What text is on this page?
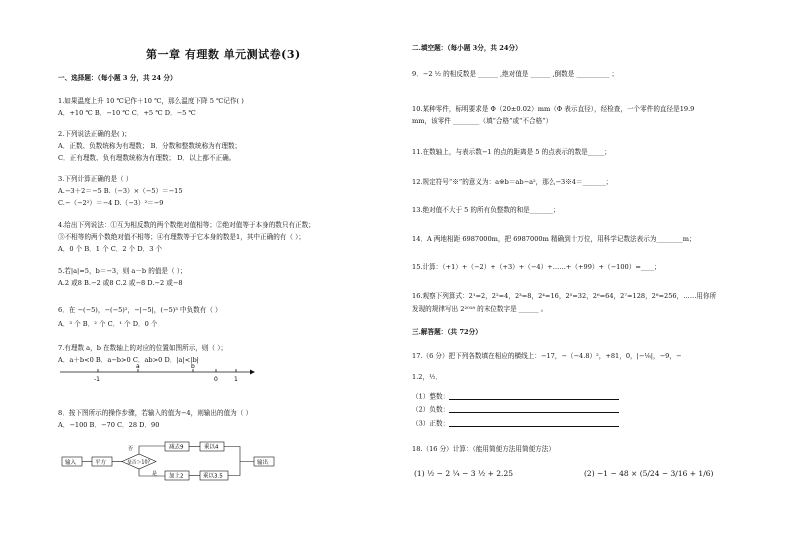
第一章 有理数 单元测试卷(3)
一、选择题：（每小题 3 分，共 24 分）
1.如果温度上升 10 ℃记作＋10 ℃，那么温度下降 5 ℃记作( )
A．+10 ℃ B．−10 ℃ C．+5 ℃ D．−5 ℃
2.下列说法正确的是( )；
A．正数、负数统称为有理数； B．分数和整数统称为有理数；
C．正有理数、负有理数统称为有理数； D．以上都不正确。
3.下列计算正确的是（ ）
A.−3＋2＝−5 B.（−3）×（−5）＝−15
C.−（−2²）＝−4 D.（−3）²＝−9
4.给出下列说法：①互为相反数的两个数绝对值相等；②绝对值等于本身的数只有正数；
③不相等的两个数绝对值不相等；④有理数等于它本身的数是1，其中正确的有（ ）；
A．0 个 B．1 个 C．2 个 D．3 个
5.若|a|=5，b＝−3，则 a－b 的值是（ ）；
A.2 或8 B.−2 或8 C.2 或−8 D.−2 或−8
6．在 −(−5)，−(−5)²，−|−5|，(−5)³ 中负数有（ ）
A．³ 个 B．² 个 C．¹ 个 D．0 个
7.有理数 a，b 在数轴上的对应的位置如图所示，则（ ）；
A．a＋b<0 B．a−b>0 C．ab>0 D．|a|<|b|
a	b
-1	0	1
8．按下图所示的操作步骤，若输入的值为−4，则输出的值为（ ）
A．−100 B．−70 C．28 D．90
输入	平方	是否＞10?
否
是
减去9	乘以4
加上2	乘以3.5
输出
二.填空题：（每小题 3分，共 24分）
9．−2 ½ 的相反数是 ______ ,绝对值是 ______ ,倒数是 __________ ；
10.某种零件，标明要求是 Φ（20±0.02）mm（Φ 表示直径），经检查，一个零件的直径是19.9
mm，该零件 ________（填“合格”或“不合格”）
11.在数轴上，与表示数−1 的点的距离是 5 的点表示的数是_____；
12.规定符号“※”的意义为：a※b＝ab−a²，那么−3※4＝_______；
13.绝对值不大于 5 的所有负整数的和是_______；
14．A 两地相距 6987000m，把 6987000m 精确到十万位，用科学记数法表示为________m；
15.计算：（+1）+（−2）+（+3）+（−4）+……+（+99）+（−100）=____；
16.观察下列算式：2¹=2，2²=4，2³=8，2⁴=16，2⁵=32，2⁶=64，2⁷=128，2⁸=256，……用你所
发现的规律写出 2²⁰¹⁸ 的末位数字是 ______ 。
三.解答题：（共 72分）
17.（6 分）把下列各数填在相应的横线上：−17，−（−4.8）²，+81，0，|−⅙|，−9，−
1.2，½．
（1）整数：
（2）负数：
（3）正数：
18.（16 分）计算：（能用简便方法用简便方法）
(1) ½ − 2 ¼ − 3 ½ + 2.25	(2) −1 − 48 × (5/24 − 3/16 + 1/6)
